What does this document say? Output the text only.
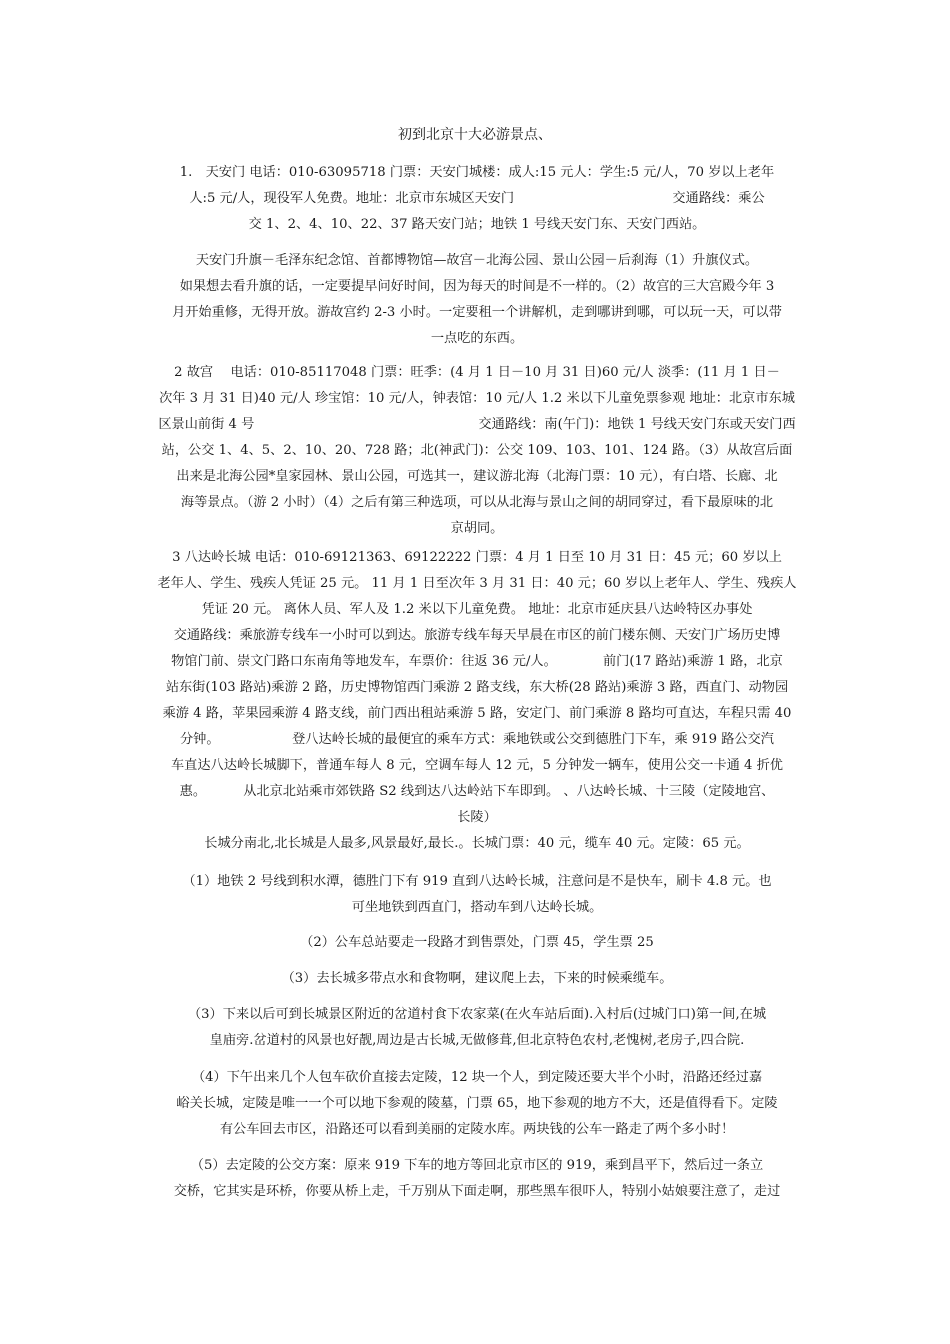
初到北京十大必游景点、

1.　天安门 电话：010-63095718 门票：天安门城楼：成人:15 元人：学生:5 元/人，70 岁以上老年

人:5 元/人，现役军人免费。地址：北京市东城区天安门　　　　　　　　　　　　交通路线：乘公

交 1、2、4、10、22、37 路天安门站；地铁 1 号线天安门东、天安门西站。

天安门升旗－毛泽东纪念馆、首都博物馆—故宫－北海公园、景山公园－后刹海（1）升旗仪式。

如果想去看升旗的话，一定要提早问好时间，因为每天的时间是不一样的。（2）故宫的三大宫殿今年 3

月开始重修，无得开放。游故宫约 2-3 小时。一定要租一个讲解机，走到哪讲到哪，可以玩一天，可以带

一点吃的东西。

2 故宫　 电话：010-85117048 门票：旺季：(4 月 1 日－10 月 31 日)60 元/人 淡季：(11 月 1 日－

次年 3 月 31 日)40 元/人 珍宝馆：10 元/人，钟表馆：10 元/人 1.2 米以下儿童免票参观 地址：北京市东城

区景山前街 4 号　　　　　　　　　　　　　　　　　交通路线：南(午门)：地铁 1 号线天安门东或天安门西

站，公交 1、4、5、2、10、20、728 路；北(神武门)：公交 109、103、101、124 路。（3）从故宫后面

出来是北海公园*皇家园林、景山公园，可选其一，建议游北海（北海门票：10 元），有白塔、长廊、北

海等景点。（游 2 小时）（4）之后有第三种选项，可以从北海与景山之间的胡同穿过，看下最原味的北

京胡同。

3 八达岭长城 电话：010-69121363、69122222 门票：4 月 1 日至 10 月 31 日：45 元；60 岁以上

老年人、学生、残疾人凭证 25 元。 11 月 1 日至次年 3 月 31 日：40 元；60 岁以上老年人、学生、残疾人

凭证 20 元。 离休人员、军人及 1.2 米以下儿童免费。 地址：北京市延庆县八达岭特区办事处　　　　　

交通路线：乘旅游专线车一小时可以到达。旅游专线车每天早晨在市区的前门楼东侧、天安门广场历史博

物馆门前、崇文门路口东南角等地发车，车票价：往返 36 元/人。　　　　前门(17 路站)乘游 1 路，北京

站东街(103 路站)乘游 2 路，历史博物馆西门乘游 2 路支线，东大桥(28 路站)乘游 3 路，西直门、动物园

乘游 4 路，苹果园乘游 4 路支线，前门西出租站乘游 5 路，安定门、前门乘游 8 路均可直达，车程只需 40

分钟。　　　　　　登八达岭长城的最便宜的乘车方式：乘地铁或公交到德胜门下车，乘 919 路公交汽

车直达八达岭长城脚下，普通车每人 8 元，空调车每人 12 元，5 分钟发一辆车，使用公交一卡通 4 折优

惠。　　　 从北京北站乘市郊铁路 S2 线到达八达岭站下车即到。 、八达岭长城、十三陵（定陵地宫、

长陵）

长城分南北,北长城是人最多,风景最好,最长.。长城门票：40 元，缆车 40 元。定陵：65 元。

（1）地铁 2 号线到积水潭，德胜门下有 919 直到八达岭长城，注意问是不是快车，刷卡 4.8 元。也

可坐地铁到西直门，搭动车到八达岭长城。

（2）公车总站要走一段路才到售票处，门票 45，学生票 25

（3）去长城多带点水和食物啊，建议爬上去，下来的时候乘缆车。

（3）下来以后可到长城景区附近的岔道村食下农家菜(在火车站后面).入村后(过城门口)第一间,在城

皇庙旁.岔道村的风景也好靓,周边是古长城,无做修葺,但北京特色农村,老愧树,老房子,四合院.

（4）下午出来几个人包车砍价直接去定陵，12 块一个人，到定陵还要大半个小时，沿路还经过嘉

峪关长城，定陵是唯一一个可以地下参观的陵墓，门票 65，地下参观的地方不大，还是值得看下。定陵

有公车回去市区，沿路还可以看到美丽的定陵水库。两块钱的公车一路走了两个多小时！

（5）去定陵的公交方案：原来 919 下车的地方等回北京市区的 919，乘到昌平下，然后过一条立

交桥，它其实是环桥，你要从桥上走，千万别从下面走啊，那些黑车很吓人，特别小姑娘要注意了，走过
